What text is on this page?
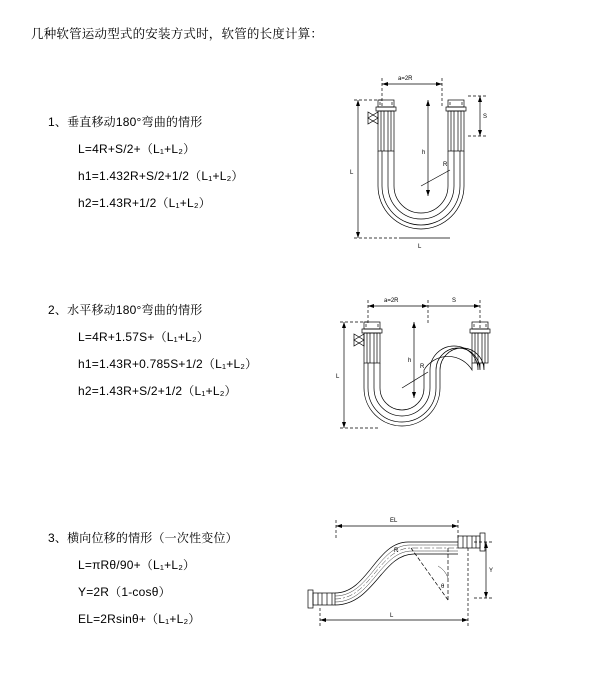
几种软管运动型式的安装方式时，软管的长度计算：
1、垂直移动180°弯曲的情形
L=4R+S/2+（L₁+L₂）
h1=1.432R+S/2+1/2（L₁+L₂）
h2=1.43R+1/2（L₁+L₂）
a=2R
S
L
h
R
L
2、水平移动180°弯曲的情形
L=4R+1.57S+（L₁+L₂）
h1=1.43R+0.785S+1/2（L₁+L₂）
h2=1.43R+S/2+1/2（L₁+L₂）
a=2R	S
L
h
R
3、横向位移的情形（一次性变位）
L=πRθ/90+（L₁+L₂）
Y=2R（1-cosθ）
EL=2Rsinθ+（L₁+L₂）
EL
Y
θ
R
L
